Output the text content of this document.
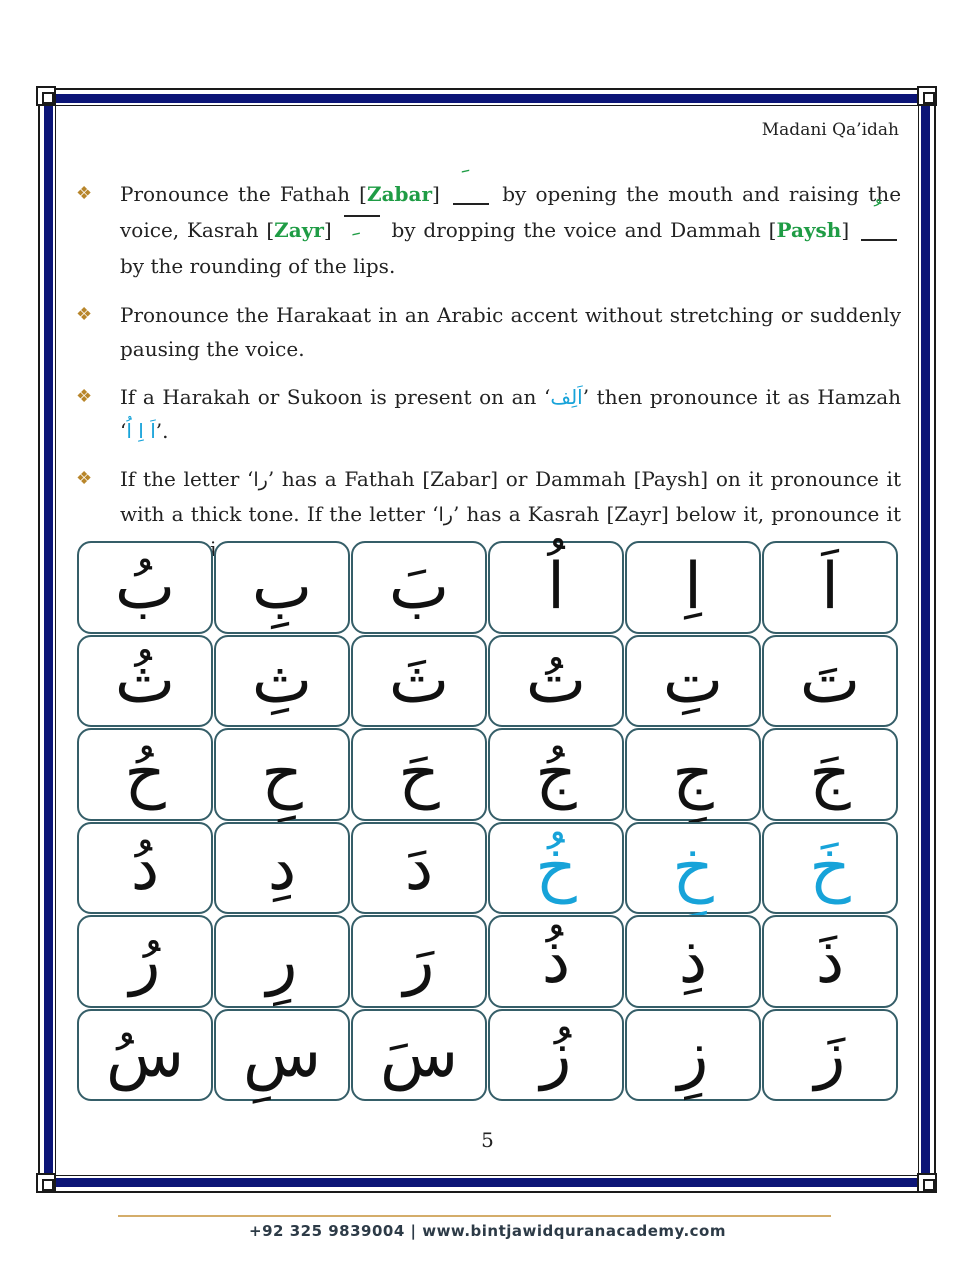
Madani Qa’idah
❖ Pronounce the Fathah [Zabar]	by opening the mouth and raising the voice, Kasrah [Zayr]	by dropping the voice and Dammah [Paysh]
by the rounding of the lips.
❖ Pronounce the Harakaat in an Arabic accent without stretching or suddenly pausing the voice.
❖ If a Harakah or Sukoon is present on an ‘اَلِف’ then pronounce it as Hamzah ‘اَ اِ اُ’.
❖ If the letter ‘را’ has a Fathah [Zabar] or Dammah [Paysh] on it pronounce it with a thick tone. If the letter ‘را’ has a Kasrah [Zayr] below it, pronounce it
بُ بِ بَ اُ اِ اَ
ثُ ثِ ثَ تُ تِ تَ
حُ حِ حَ جُ جِ جَ
دُ دِ دَ خُ خِ خَ
رُ رِ رَ ذُ ذِ ذَ
سُ سِ سَ زُ زِ زَ
5
+92 325 9839004 | www.bintjawidquranacademy.com
